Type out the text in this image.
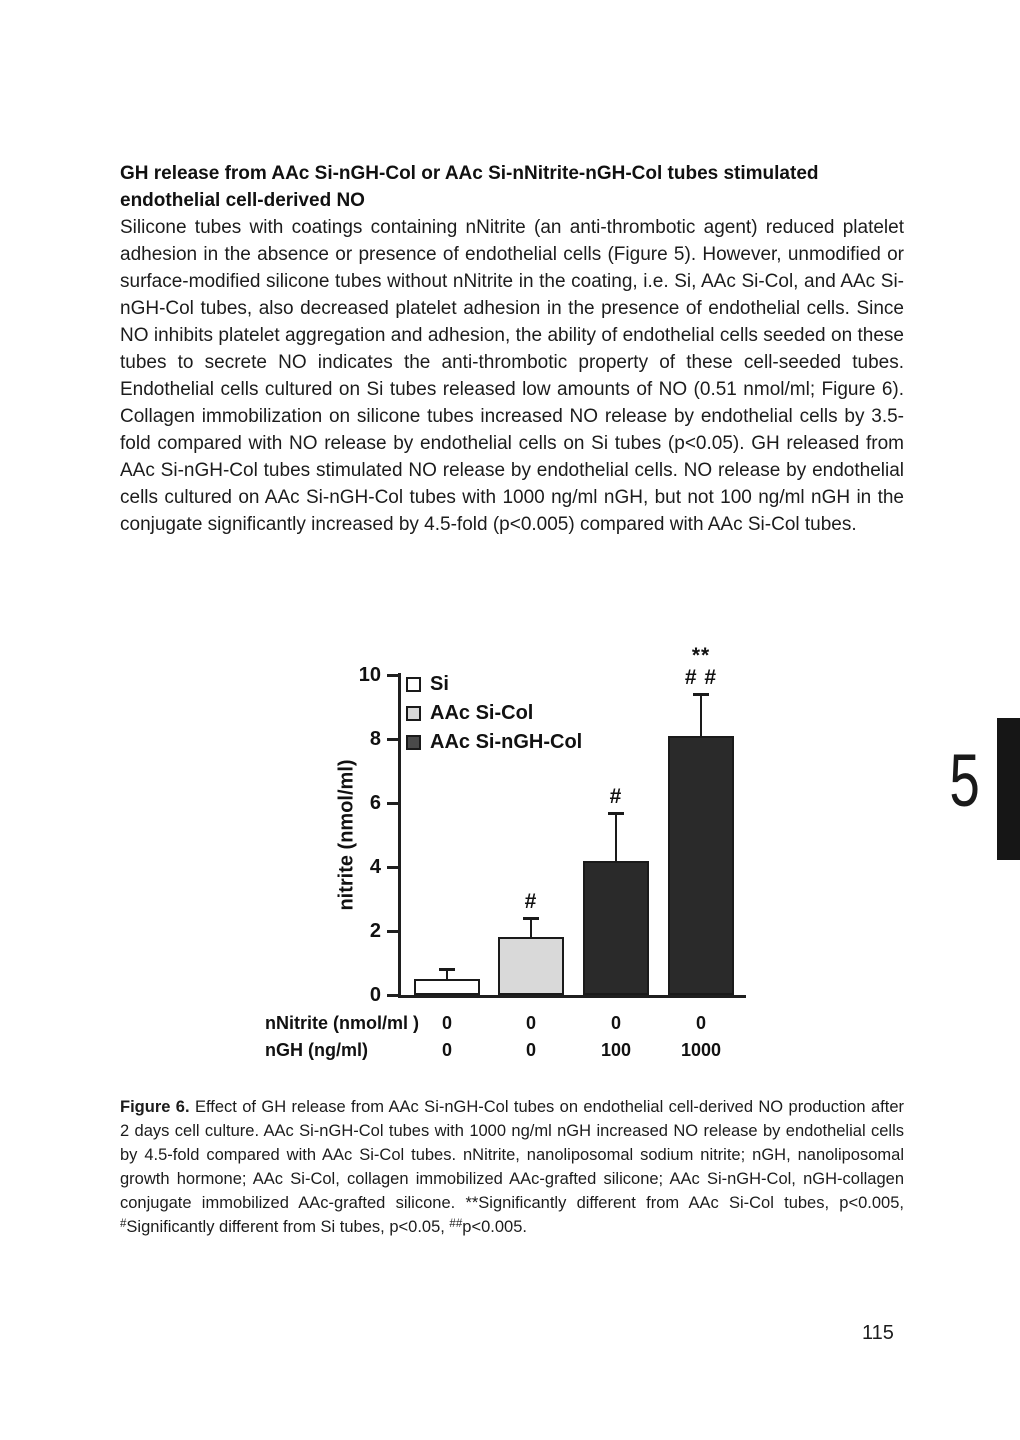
GH release from AAc Si-nGH-Col or AAc Si-nNitrite-nGH-Col tubes stimulated endothelial cell-derived NO
Silicone tubes with coatings containing nNitrite (an anti-thrombotic agent) reduced platelet adhesion in the absence or presence of endothelial cells (Figure 5). However, unmodified or surface-modified silicone tubes without nNitrite in the coating, i.e. Si, AAc Si-Col, and AAc Si-nGH-Col tubes, also decreased platelet adhesion in the presence of endothelial cells. Since NO inhibits platelet aggregation and adhesion, the ability of endothelial cells seeded on these tubes to secrete NO indicates the anti-thrombotic property of these cell-seeded tubes. Endothelial cells cultured on Si tubes released low amounts of NO (0.51 nmol/ml; Figure 6). Collagen immobilization on silicone tubes increased NO release by endothelial cells by 3.5-fold compared with NO release by endothelial cells on Si tubes (p<0.05). GH released from AAc Si-nGH-Col tubes stimulated NO release by endothelial cells. NO release by endothelial cells cultured on AAc Si-nGH-Col tubes with 1000 ng/ml nGH, but not 100 ng/ml nGH in the conjugate significantly increased by 4.5-fold (p<0.005) compared with AAc Si-Col tubes.
nitrite (nmol/ml)
0
2
4
6
8
10
#
#
**
# #
nNitrite (nmol/ml )	0	0	0	0
nGH (ng/ml)	0	0	100	1000
Si
AAc Si-Col
AAc Si-nGH-Col
Figure 6. Effect of GH release from AAc Si-nGH-Col tubes on endothelial cell-derived NO production after 2 days cell culture. AAc Si-nGH-Col tubes with 1000 ng/ml nGH increased NO release by endothelial cells by 4.5-fold compared with AAc Si-Col tubes. nNitrite, nanoliposomal sodium nitrite; nGH, nanoliposomal growth hormone; AAc Si-Col, collagen immobilized AAc-grafted silicone; AAc Si-nGH-Col, nGH-collagen conjugate immobilized AAc-grafted silicone. **Significantly different from AAc Si-Col tubes, p<0.005, #Significantly different from Si tubes, p<0.05, ##p<0.005.
115
5
